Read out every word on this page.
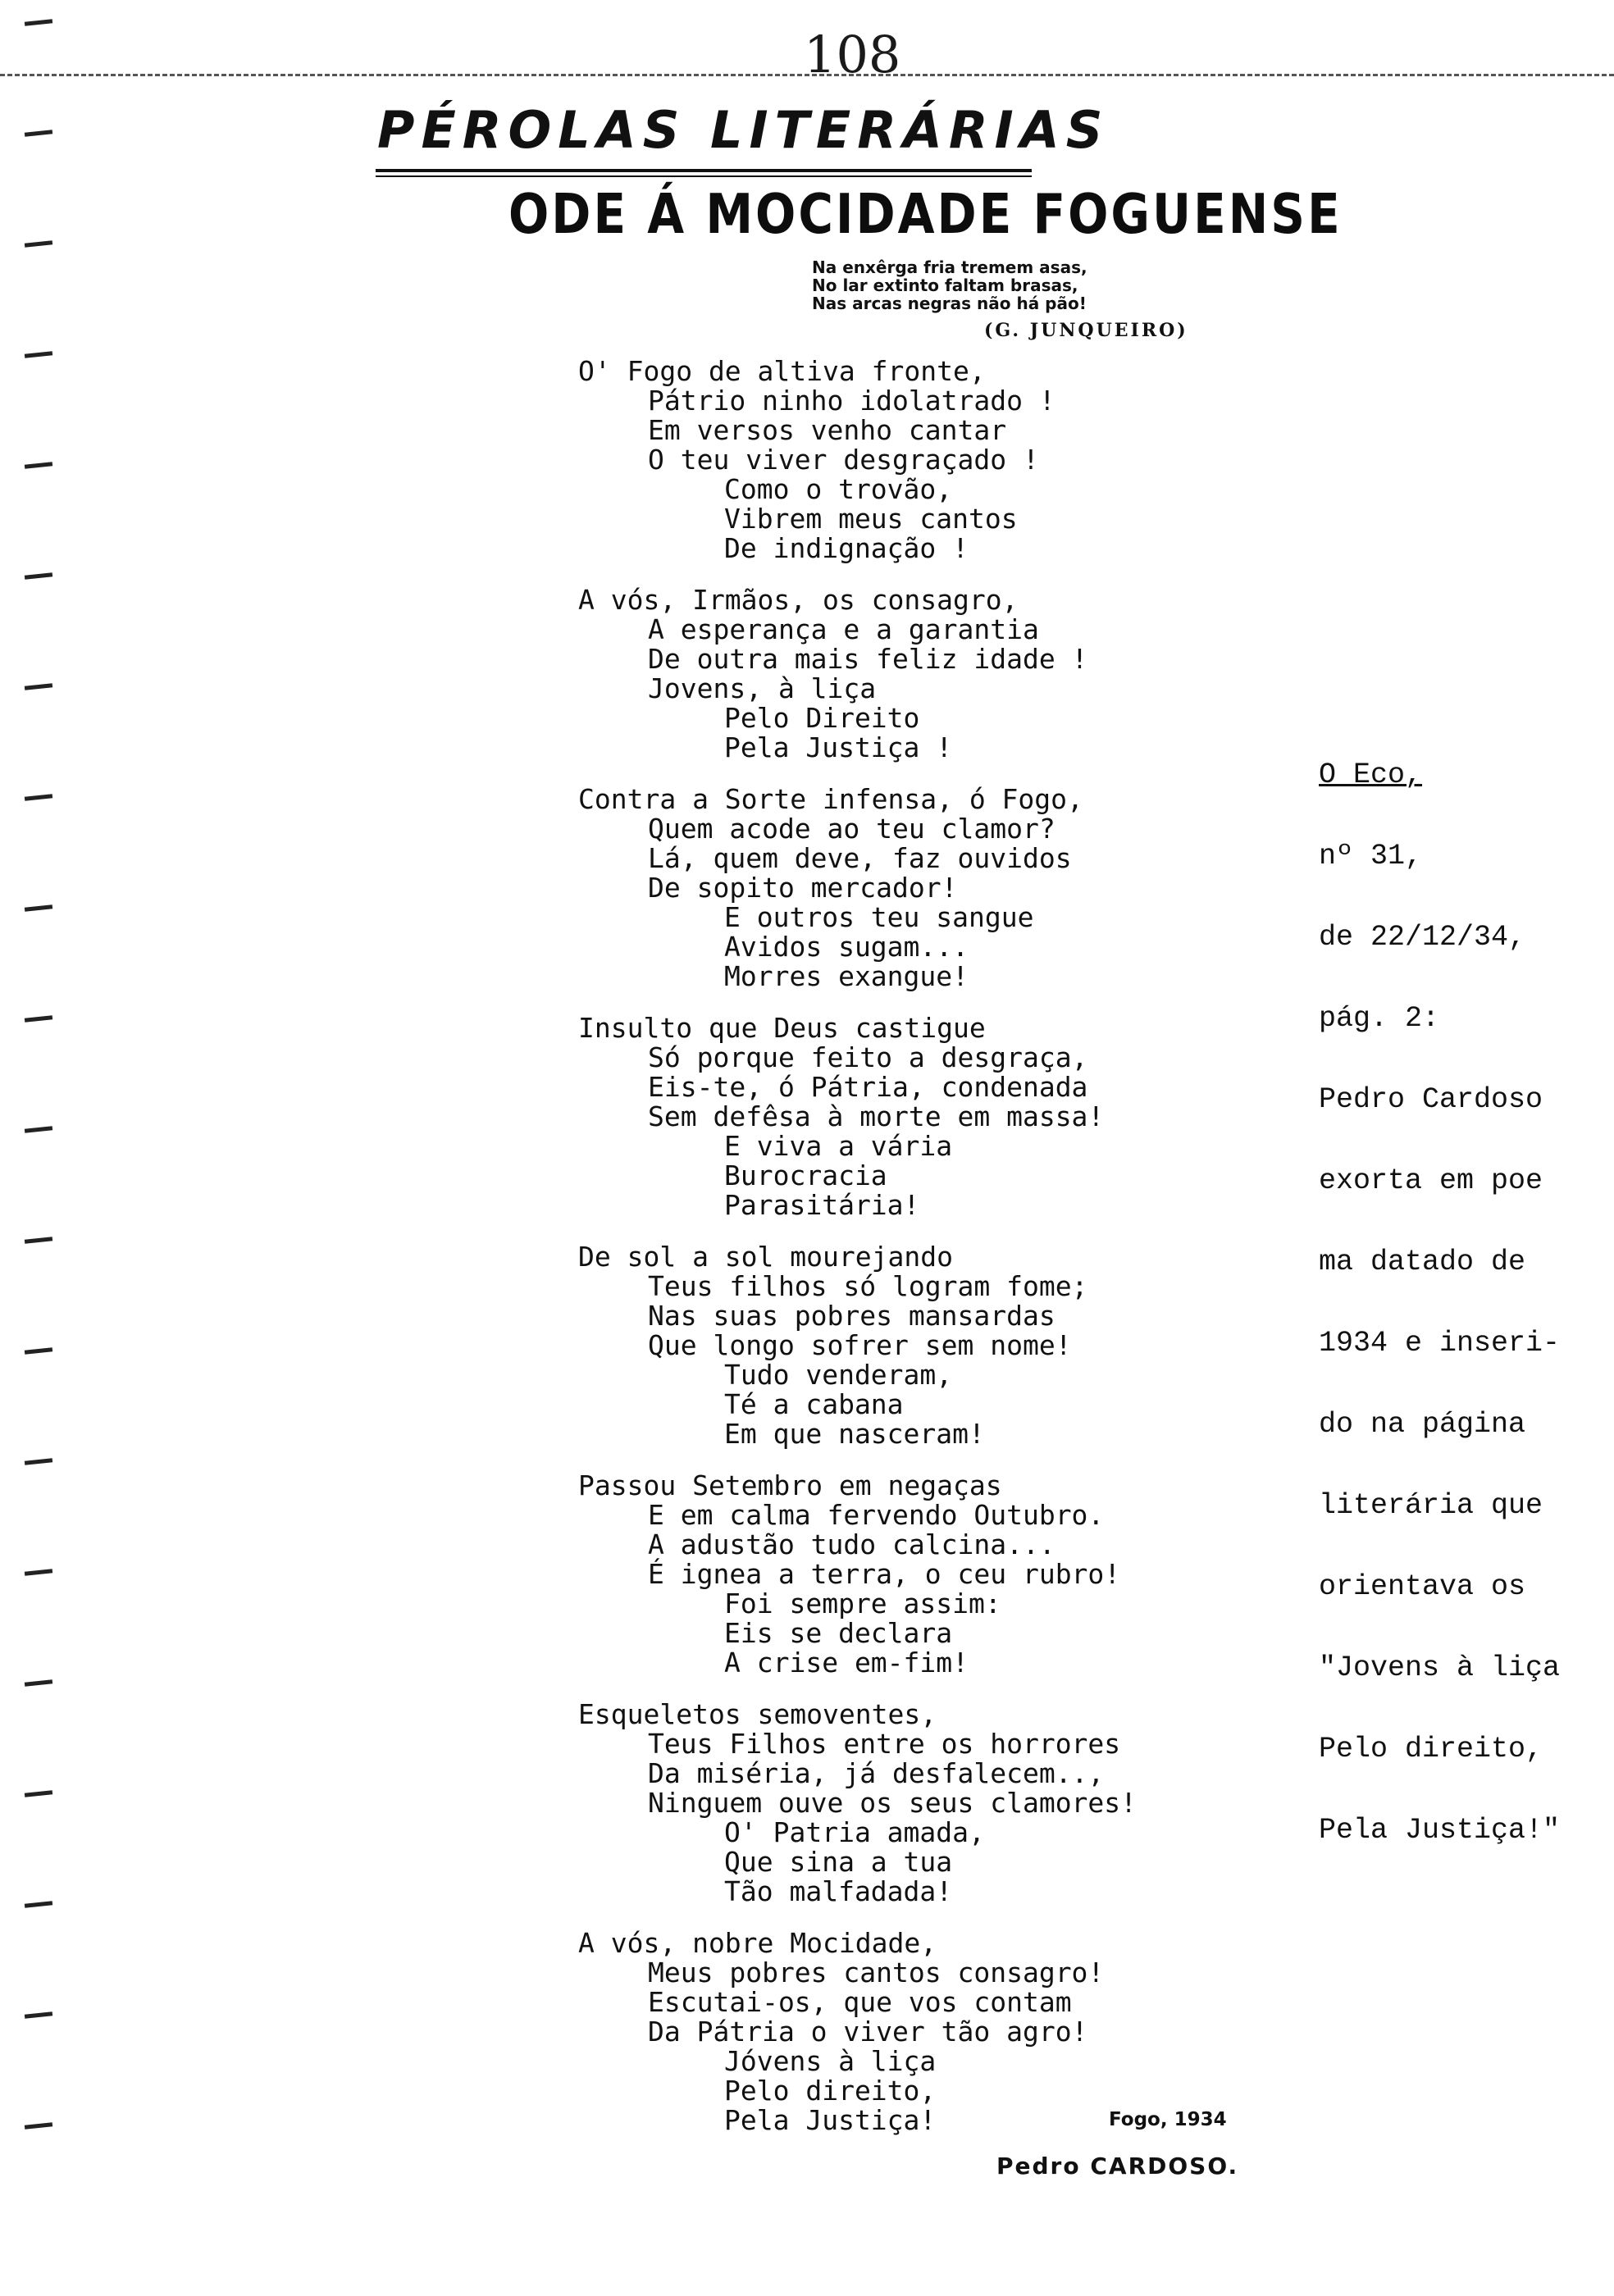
108
PÉROLAS LITERÁRIAS
ODE Á MOCIDADE FOGUENSE
Na enxêrga fria tremem asas,
No lar extinto faltam brasas,
Nas arcas negras não há pão!
(G. JUNQUEIRO)
O' Fogo de altiva fronte,
Pátrio ninho idolatrado !
Em versos venho cantar
O teu viver desgraçado !
Como o trovão,
Vibrem meus cantos
De indignação !
A vós, Irmãos, os consagro,
A esperança e a garantia
De outra mais feliz idade !
Jovens, à liça
Pelo Direito
Pela Justiça !
Contra a Sorte infensa, ó Fogo,
Quem acode ao teu clamor?
Lá, quem deve, faz ouvidos
De sopito mercador!
E outros teu sangue
Avidos sugam...
Morres exangue!
Insulto que Deus castigue
Só porque feito a desgraça,
Eis-te, ó Pátria, condenada
Sem defêsa à morte em massa!
E viva a vária
Burocracia
Parasitária!
De sol a sol mourejando
Teus filhos só logram fome;
Nas suas pobres mansardas
Que longo sofrer sem nome!
Tudo venderam,
Té a cabana
Em que nasceram!
Passou Setembro em negaças
E em calma fervendo Outubro.
A adustão tudo calcina...
É ignea a terra, o ceu rubro!
Foi sempre assim:
Eis se declara
A crise em-fim!
Esqueletos semoventes,
Teus Filhos entre os horrores
Da miséria, já desfalecem..,
Ninguem ouve os seus clamores!
O' Patria amada,
Que sina a tua
Tão malfadada!
A vós, nobre Mocidade,
Meus pobres cantos consagro!
Escutai-os, que vos contam
Da Pátria o viver tão agro!
Jóvens à liça
Pelo direito,
Pela Justiça!	Fogo, 1934
Pedro CARDOSO.
O Eco,
nº 31,
de 22/12/34,
pág. 2:
Pedro Cardoso
exorta em poe
ma datado de
1934 e inseri-
do na página
literária que
orientava os
"Jovens à liça
Pelo direito,
Pela Justiça!"
